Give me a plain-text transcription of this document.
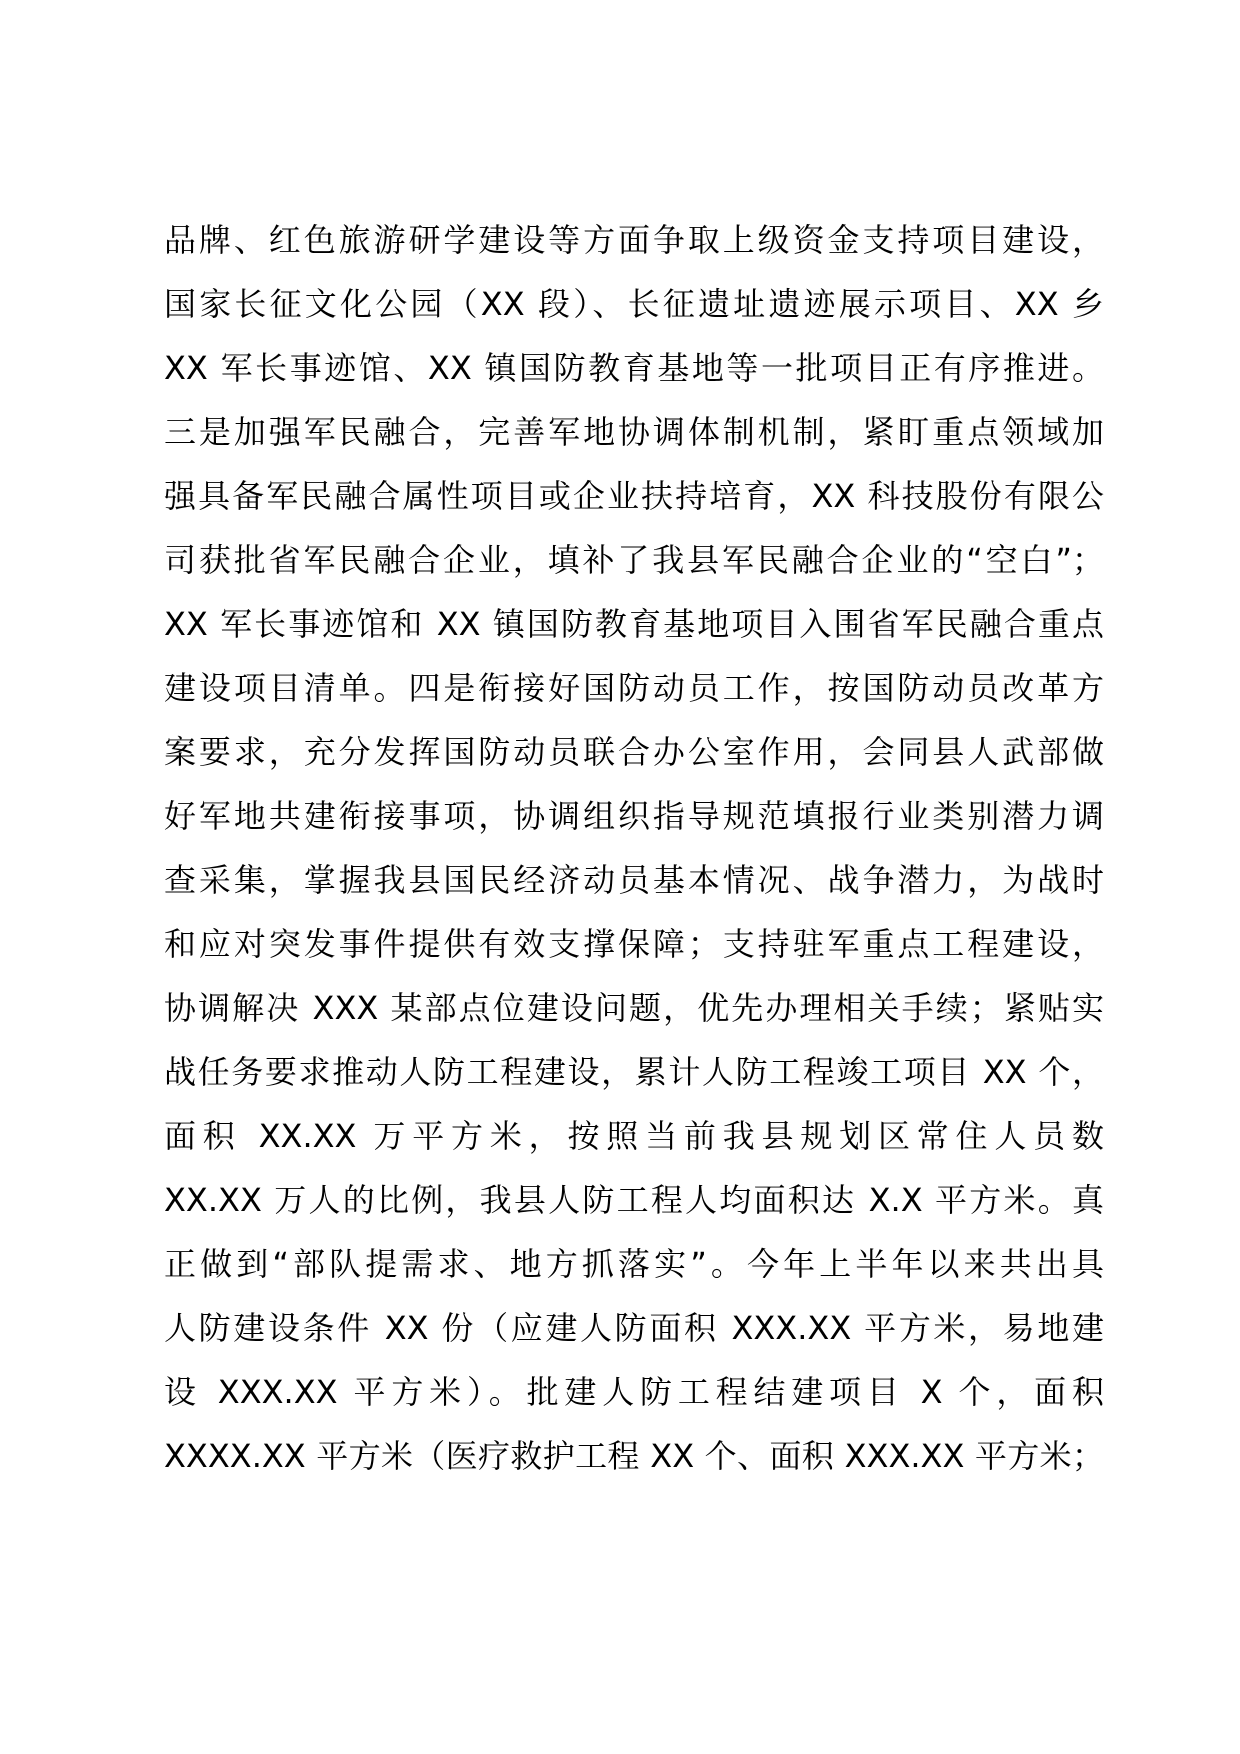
品牌、红色旅游研学建设等方面争取上级资金支持项目建设，
国家长征文化公园（XX 段）、长征遗址遗迹展示项目、XX 乡
XX 军长事迹馆、XX 镇国防教育基地等一批项目正有序推进。
三是加强军民融合，完善军地协调体制机制，紧盯重点领域加
强具备军民融合属性项目或企业扶持培育，XX 科技股份有限公
司获批省军民融合企业，填补了我县军民融合企业的“空白”；
XX 军长事迹馆和 XX 镇国防教育基地项目入围省军民融合重点
建设项目清单。四是衔接好国防动员工作，按国防动员改革方
案要求，充分发挥国防动员联合办公室作用，会同县人武部做
好军地共建衔接事项，协调组织指导规范填报行业类别潜力调
查采集，掌握我县国民经济动员基本情况、战争潜力，为战时
和应对突发事件提供有效支撑保障；支持驻军重点工程建设，
协调解决 XXX 某部点位建设问题，优先办理相关手续；紧贴实
战任务要求推动人防工程建设，累计人防工程竣工项目 XX 个，
面积 XX.XX 万平方米，按照当前我县规划区常住人员数
XX.XX 万人的比例，我县人防工程人均面积达 X.X 平方米。真
正做到“部队提需求、地方抓落实”。今年上半年以来共出具
人防建设条件 XX 份（应建人防面积 XXX.XX 平方米，易地建
设 XXX.XX 平方米）。批建人防工程结建项目 X 个，面积
XXXX.XX 平方米（医疗救护工程 XX 个、面积 XXX.XX 平方米；
